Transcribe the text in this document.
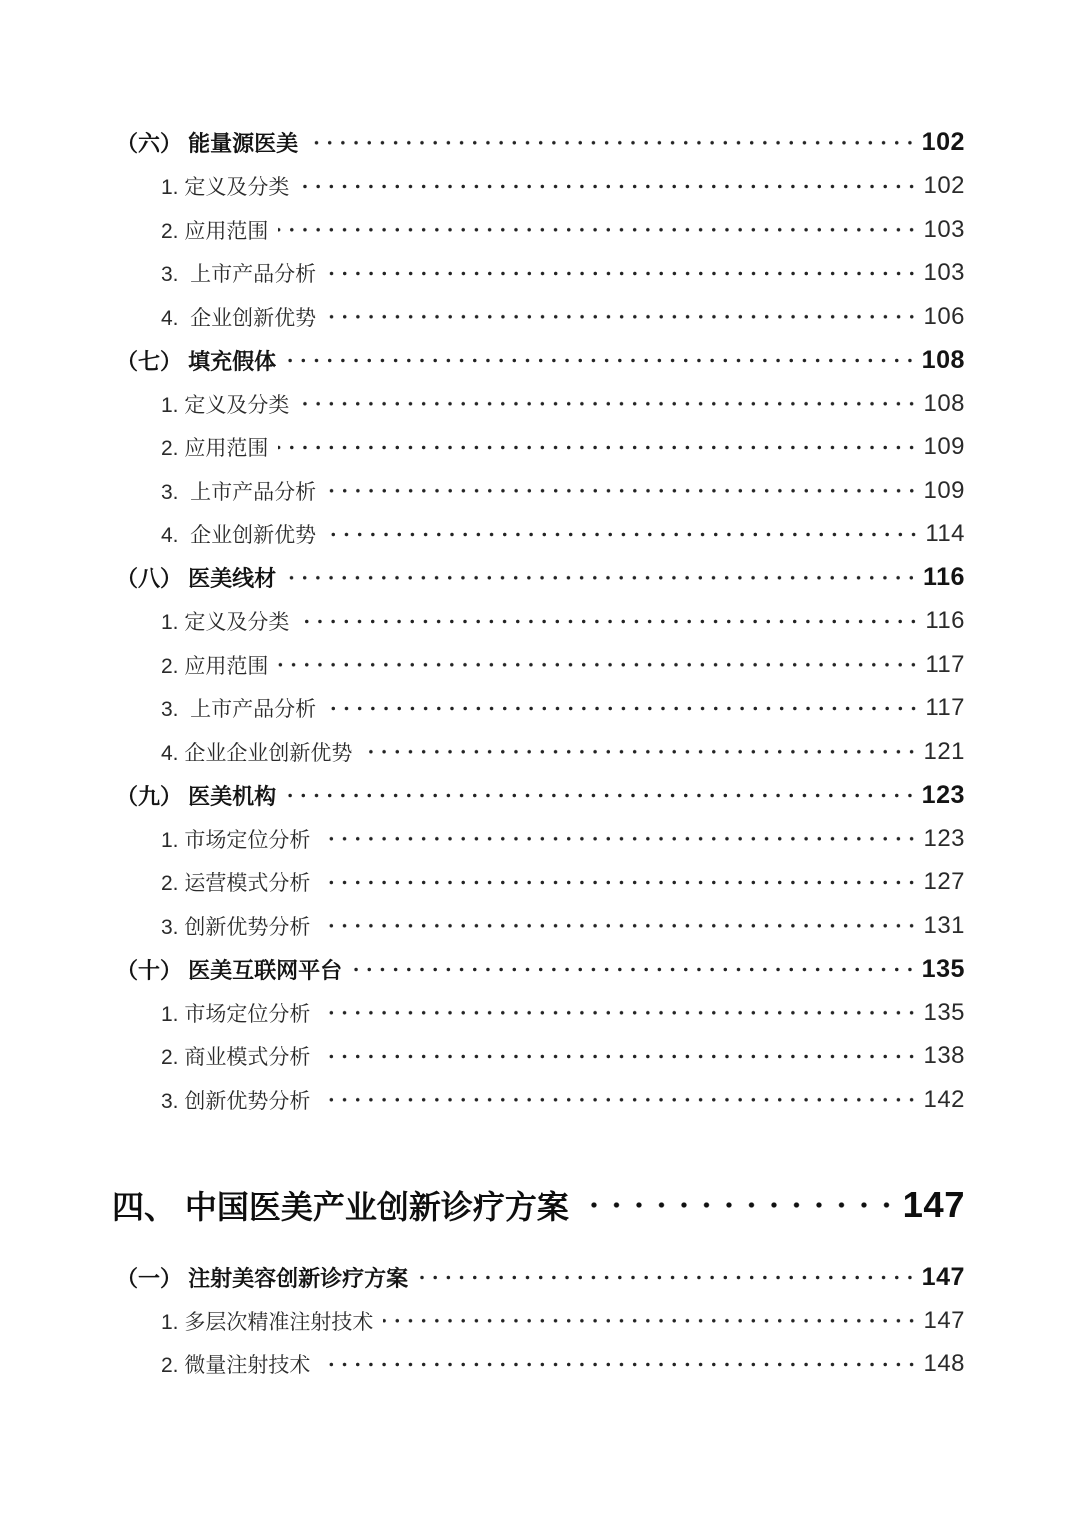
（六） 能量源医美	102
1. 定义及分类	102
2. 应用范围	103
3.  上市产品分析	103
4.  企业创新优势	106
（七） 填充假体	108
1. 定义及分类	108
2. 应用范围	109
3.  上市产品分析	109
4.  企业创新优势	114
（八） 医美线材	116
1. 定义及分类	116
2. 应用范围	117
3.  上市产品分析	117
4. 企业企业创新优势	121
（九） 医美机构	123
1. 市场定位分析	123
2. 运营模式分析	127
3. 创新优势分析	131
（十） 医美互联网平台	135
1. 市场定位分析	135
2. 商业模式分析	138
3. 创新优势分析	142
四、 中国医美产业创新诊疗方案	147
（一） 注射美容创新诊疗方案	147
1. 多层次精准注射技术	147
2. 微量注射技术	148
